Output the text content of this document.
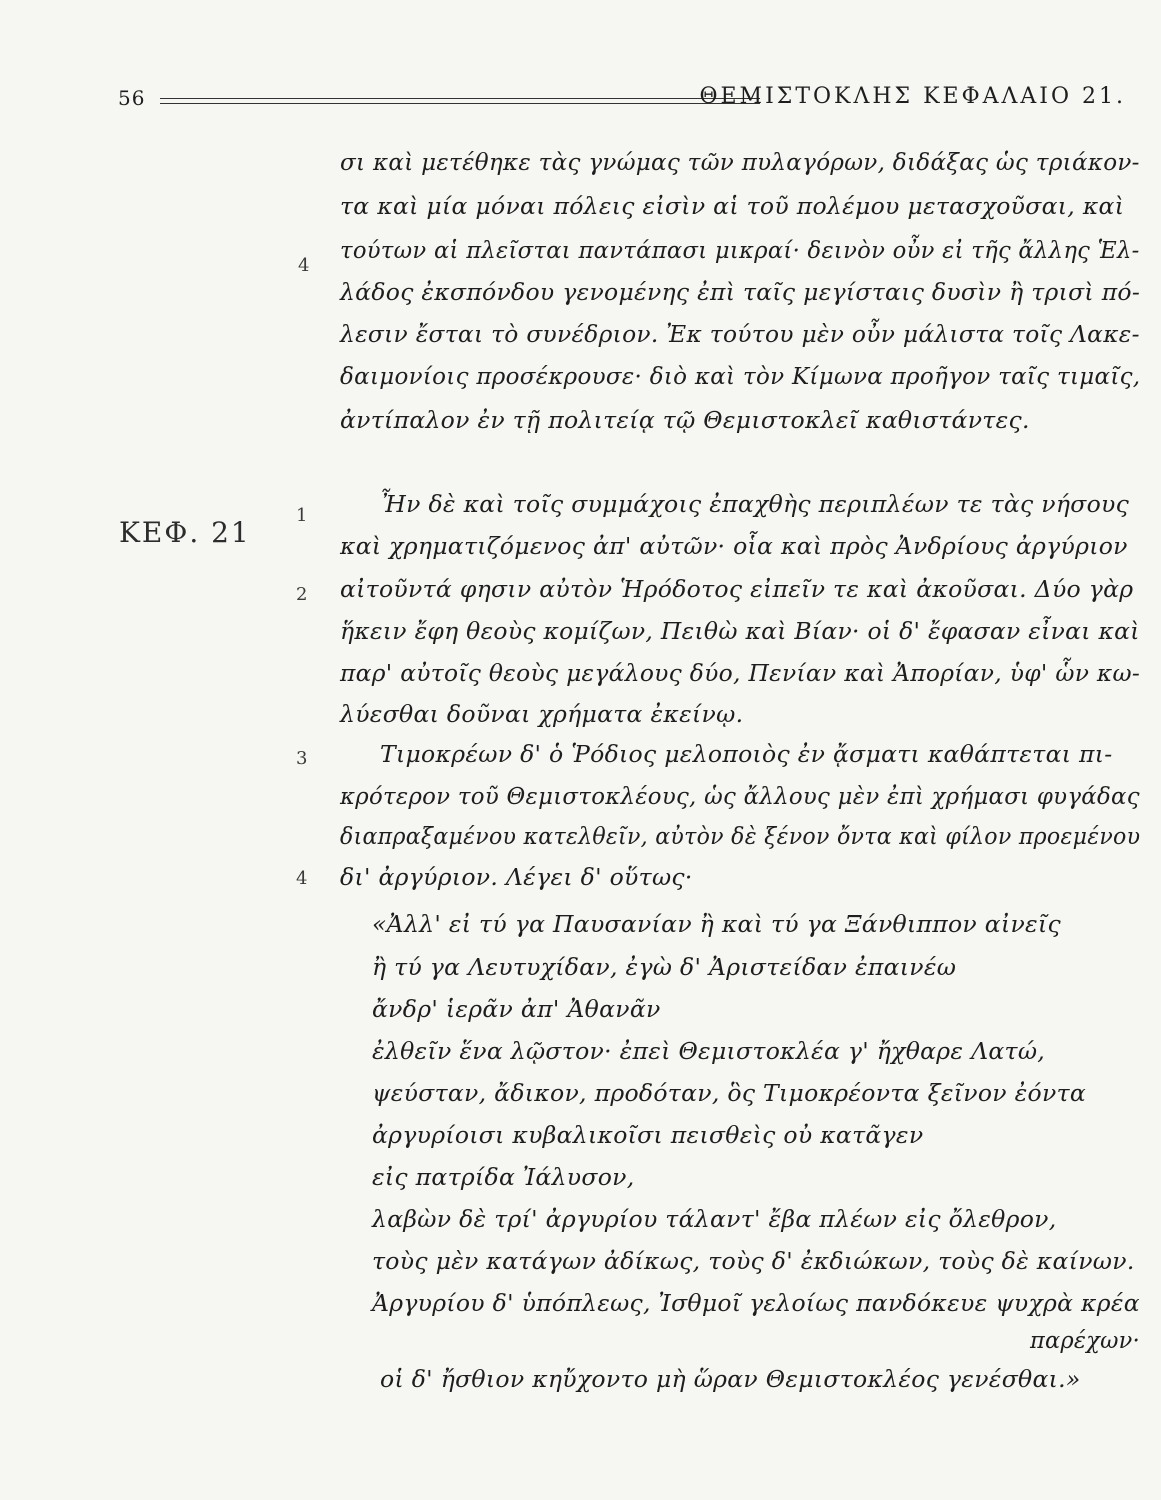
56	ΘΕΜΙΣΤΟΚΛΗΣ ΚΕΦΑΛΑΙΟ 21.
ΚΕΦ. 21
4
1
2
3
4
σι καὶ μετέθηκε τὰς γνώμας τῶν πυλαγόρων, διδάξας ὡς τριάκον-
τα καὶ μία μόναι πόλεις εἰσὶν αἱ τοῦ πολέμου μετασχοῦσαι, καὶ
τούτων αἱ πλεῖσται παντάπασι μικραί· δεινὸν οὖν εἰ τῆς ἄλλης Ἑλ-
λάδος ἐκσπόνδου γενομένης ἐπὶ ταῖς μεγίσταις δυσὶν ἢ τρισὶ πό-
λεσιν ἔσται τὸ συνέδριον. Ἐκ τούτου μὲν οὖν μάλιστα τοῖς Λακε-
δαιμονίοις προσέκρουσε· διὸ καὶ τὸν Κίμωνα προῆγον ταῖς τιμαῖς,
ἀντίπαλον ἐν τῇ πολιτείᾳ τῷ Θεμιστοκλεῖ καθιστάντες.
Ἦν δὲ καὶ τοῖς συμμάχοις ἐπαχθὴς περιπλέων τε τὰς νήσους
καὶ χρηματιζόμενος ἀπ' αὐτῶν· οἷα καὶ πρὸς Ἀνδρίους ἀργύριον
αἰτοῦντά φησιν αὐτὸν Ἡρόδοτος εἰπεῖν τε καὶ ἀκοῦσαι. Δύο γὰρ
ἥκειν ἔφη θεοὺς κομίζων, Πειθὼ καὶ Βίαν· οἱ δ' ἔφασαν εἶναι καὶ
παρ' αὐτοῖς θεοὺς μεγάλους δύο, Πενίαν καὶ Ἀπορίαν, ὑφ' ὧν κω-
λύεσθαι δοῦναι χρήματα ἐκείνῳ.
Τιμοκρέων δ' ὁ Ῥόδιος μελοποιὸς ἐν ᾄσματι καθάπτεται πι-
κρότερον τοῦ Θεμιστοκλέους, ὡς ἄλλους μὲν ἐπὶ χρήμασι φυγάδας
διαπραξαμένου κατελθεῖν, αὐτὸν δὲ ξένον ὄντα καὶ φίλον προεμένου
δι' ἀργύριον. Λέγει δ' οὕτως·
«Ἀλλ' εἰ τύ γα Παυσανίαν ἢ καὶ τύ γα Ξάνθιππον αἰνεῖς
ἢ τύ γα Λευτυχίδαν, ἐγὼ δ' Ἀριστείδαν ἐπαινέω
ἄνδρ' ἱερᾶν ἀπ' Ἀθανᾶν
ἐλθεῖν ἕνα λῷστον· ἐπεὶ Θεμιστοκλέα γ' ἤχθαρε Λατώ,
ψεύσταν, ἄδικον, προδόταν, ὃς Τιμοκρέοντα ξεῖνον ἐόντα
ἀργυρίοισι κυβαλικοῖσι πεισθεὶς οὐ κατᾶγεν
εἰς πατρίδα Ἰάλυσον,
λαβὼν δὲ τρί' ἀργυρίου τάλαντ' ἔβα πλέων εἰς ὄλεθρον,
τοὺς μὲν κατάγων ἀδίκως, τοὺς δ' ἐκδιώκων, τοὺς δὲ καίνων.
Ἀργυρίου δ' ὑπόπλεως, Ἰσθμοῖ γελοίως πανδόκευε ψυχρὰ κρέα
παρέχων·
οἱ δ' ἤσθιον κηὔχοντο μὴ ὥραν Θεμιστοκλέος γενέσθαι.»
